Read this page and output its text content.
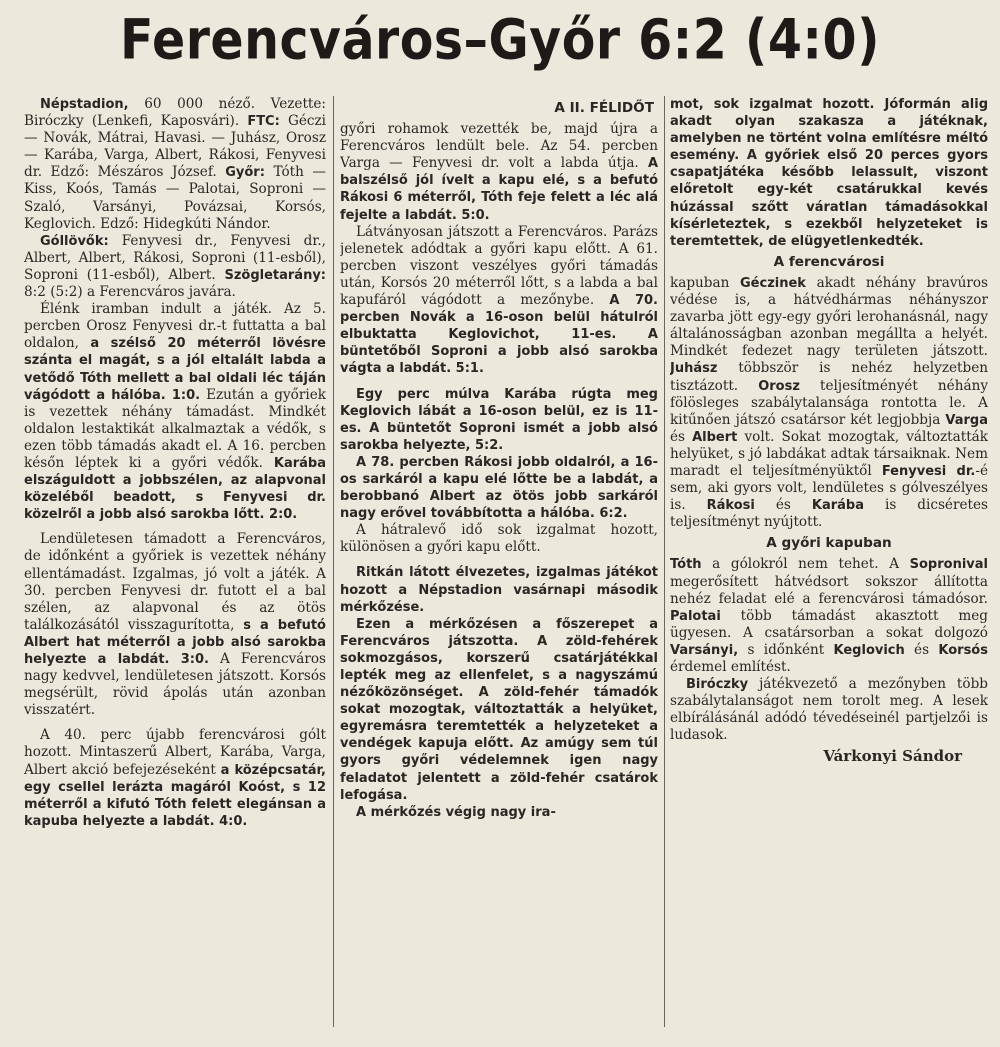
Ferencváros–Győr 6:2 (4:0)

Népstadion, 60 000 néző. Vezette: Biróczky (Lenkefi, Kaposvári). FTC: Géczi — Novák, Mátrai, Havasi. — Juhász, Orosz — Karába, Varga, Albert, Rákosi, Fenyvesi dr. Edző: Mészáros József. Győr: Tóth — Kiss, Koós, Tamás — Palotai, Soproni — Szaló, Varsányi, Povázsai, Korsós, Keglovich. Edző: Hidegkúti Nándor.

Góllövők: Fenyvesi dr., Fenyvesi dr., Albert, Albert, Rákosi, Soproni (11-esből), Soproni (11-esből), Albert. Szögletarány: 8:2 (5:2) a Ferencváros javára.

Élénk iramban indult a játék. Az 5. percben Orosz Fenyvesi dr.-t futtatta a bal oldalon, a szélső 20 méterről lövésre szánta el magát, s a jól eltalált labda a vetődő Tóth mellett a bal oldali léc táján vágódott a hálóba. 1:0. Ezután a győriek is vezettek néhány támadást. Mindkét oldalon lestaktikát alkalmaztak a védők, s ezen több támadás akadt el. A 16. percben későn léptek ki a győri védők. Karába elszáguldott a jobbszélen, az alapvonal közeléből beadott, s Fenyvesi dr. közelről a jobb alsó sarokba lőtt. 2:0.

Lendületesen támadott a Ferencváros, de időnként a győriek is vezettek néhány ellentámadást. Izgalmas, jó volt a játék. A 30. percben Fenyvesi dr. futott el a bal szélen, az alapvonal és az ötös találkozásától visszagurította, s a befutó Albert hat méterről a jobb alsó sarokba helyezte a labdát. 3:0. A Ferencváros nagy kedvvel, lendületesen játszott. Korsós megsérült, rövid ápolás után azonban visszatért.

A 40. perc újabb ferencvárosi gólt hozott. Mintaszerű Albert, Karába, Varga, Albert akció befejezéseként a középcsatár, egy csellel lerázta magáról Koóst, s 12 méterről a kifutó Tóth felett elegánsan a kapuba helyezte a labdát. 4:0.

A II. FÉLIDŐT

győri rohamok vezették be, majd újra a Ferencváros lendült bele. Az 54. percben Varga — Fenyvesi dr. volt a labda útja. A balszélső jól ívelt a kapu elé, s a befutó Rákosi 6 méterről, Tóth feje felett a léc alá fejelte a labdát. 5:0.

Látványosan játszott a Ferencváros. Parázs jelenetek adódtak a győri kapu előtt. A 61. percben viszont veszélyes győri támadás után, Korsós 20 méterről lőtt, s a labda a bal kapufáról vágódott a mezőnybe. A 70. percben Novák a 16-oson belül hátulról elbuktatta Keglovichot, 11-es. A büntetőből Soproni a jobb alsó sarokba vágta a labdát. 5:1.

Egy perc múlva Karába rúgta meg Keglovich lábát a 16-oson belül, ez is 11-es. A büntetőt Soproni ismét a jobb alsó sarokba helyezte, 5:2.

A 78. percben Rákosi jobb oldalról, a 16-os sarkáról a kapu elé lőtte be a labdát, a berobbanó Albert az ötös jobb sarkáról nagy erővel továbbította a hálóba. 6:2.

A hátralevő idő sok izgalmat hozott, különösen a győri kapu előtt.

Ritkán látott élvezetes, izgalmas játékot hozott a Népstadion vasárnapi második mérkőzése.

Ezen a mérkőzésen a főszerepet a Ferencváros játszotta. A zöld-fehérek sokmozgásos, korszerű csatárjátékkal lepték meg az ellenfelet, s a nagyszámú nézőközönséget. A zöld-fehér támadók sokat mozogtak, változtatták a helyüket, egyremásra teremtették a helyzeteket a vendégek kapuja előtt. Az amúgy sem túl gyors győri védelemnek igen nagy feladatot jelentett a zöld-fehér csatárok lefogása.

A mérkőzés végig nagy ira-

mot, sok izgalmat hozott. Jóformán alig akadt olyan szakasza a játéknak, amelyben ne történt volna említésre méltó esemény. A győriek első 20 perces gyors csapatjátéka később lelassult, viszont előretolt egy-két csatárukkal kevés húzással szőtt váratlan támadásokkal kísérleteztek, s ezekből helyzeteket is teremtettek, de elügyetlenkedték.

A ferencvárosi

kapuban Géczinek akadt néhány bravúros védése is, a hátvédhármas néhányszor zavarba jött egy-egy győri lerohanásnál, nagy általánosságban azonban megállta a helyét. Mindkét fedezet nagy területen játszott. Juhász többször is nehéz helyzetben tisztázott. Orosz teljesítményét néhány fölösleges szabálytalansága rontotta le. A kitűnően játszó csatársor két legjobbja Varga és Albert volt. Sokat mozogtak, változtatták helyüket, s jó labdákat adtak társaiknak. Nem maradt el teljesítményüktől Fenyvesi dr.-é sem, aki gyors volt, lendületes s gólveszélyes is. Rákosi és Karába is dicséretes teljesítményt nyújtott.

A győri kapuban

Tóth a gólokról nem tehet. A Sopronival megerősített hátvédsort sokszor állította nehéz feladat elé a ferencvárosi támadósor. Palotai több támadást akasztott meg ügyesen. A csatársorban a sokat dolgozó Varsányi, s időnként Keglovich és Korsós érdemel említést.

Biróczky játékvezető a mezőnyben több szabálytalanságot nem torolt meg. A lesek elbírálásánál adódó tévedéseinél partjelzői is ludasok.

Várkonyi Sándor
